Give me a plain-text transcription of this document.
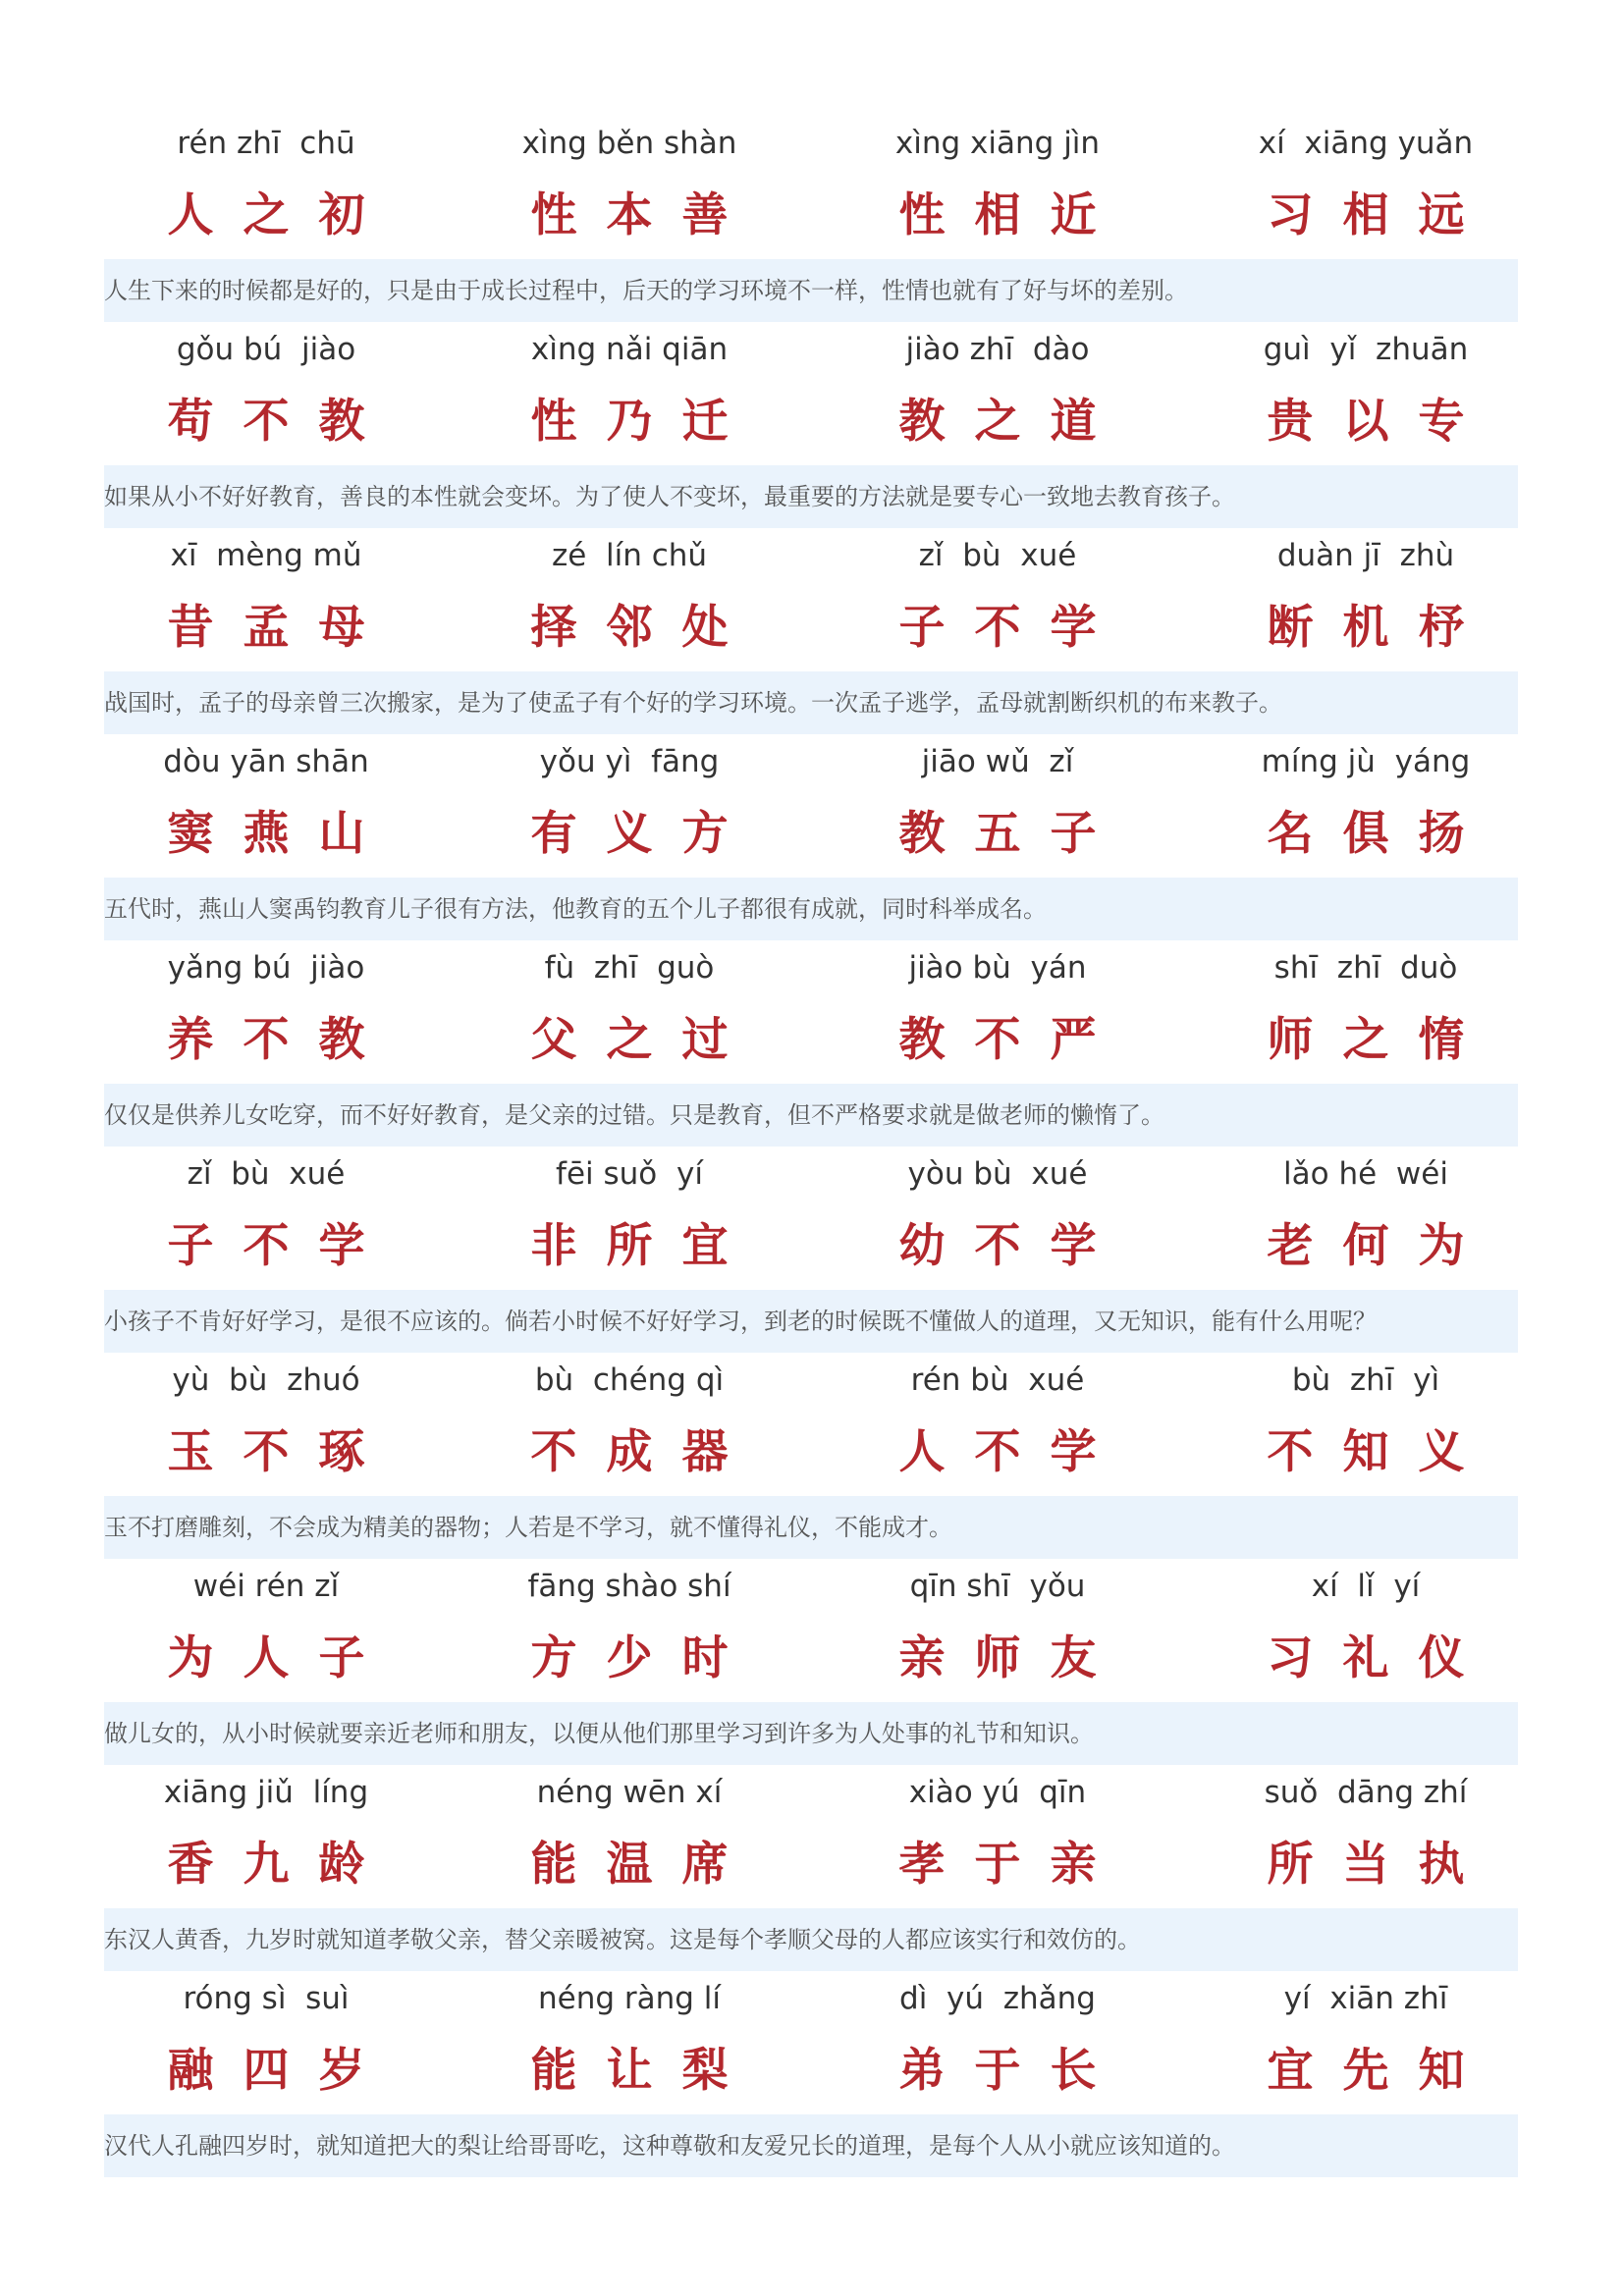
rén zhī  chū
人之初
xìng běn shàn
性本善
xìng xiāng jìn
性相近
xí  xiāng yuǎn
习相远
人生下来的时候都是好的，只是由于成长过程中，后天的学习环境不一样，性情也就有了好与坏的差别。
gǒu bú  jiào
苟不教
xìng nǎi qiān
性乃迁
jiào zhī  dào
教之道
guì  yǐ  zhuān
贵以专
如果从小不好好教育，善良的本性就会变坏。为了使人不变坏，最重要的方法就是要专心一致地去教育孩子。
xī  mèng mǔ
昔孟母
zé  lín chǔ
择邻处
zǐ  bù  xué
子不学
duàn jī  zhù
断机杼
战国时，孟子的母亲曾三次搬家，是为了使孟子有个好的学习环境。一次孟子逃学，孟母就割断织机的布来教子。
dòu yān shān
窦燕山
yǒu yì  fāng
有义方
jiāo wǔ  zǐ
教五子
míng jù  yáng
名俱扬
五代时，燕山人窦禹钧教育儿子很有方法，他教育的五个儿子都很有成就，同时科举成名。
yǎng bú  jiào
养不教
fù  zhī  guò
父之过
jiào bù  yán
教不严
shī  zhī  duò
师之惰
仅仅是供养儿女吃穿，而不好好教育，是父亲的过错。只是教育，但不严格要求就是做老师的懒惰了。
zǐ  bù  xué
子不学
fēi suǒ  yí
非所宜
yòu bù  xué
幼不学
lǎo hé  wéi
老何为
小孩子不肯好好学习，是很不应该的。倘若小时候不好好学习，到老的时候既不懂做人的道理，又无知识，能有什么用呢？
yù  bù  zhuó
玉不琢
bù  chéng qì
不成器
rén bù  xué
人不学
bù  zhī  yì
不知义
玉不打磨雕刻，不会成为精美的器物；人若是不学习，就不懂得礼仪，不能成才。
wéi rén zǐ
为人子
fāng shào shí
方少时
qīn shī  yǒu
亲师友
xí  lǐ  yí
习礼仪
做儿女的，从小时候就要亲近老师和朋友，以便从他们那里学习到许多为人处事的礼节和知识。
xiāng jiǔ  líng
香九龄
néng wēn xí
能温席
xiào yú  qīn
孝于亲
suǒ  dāng zhí
所当执
东汉人黄香，九岁时就知道孝敬父亲，替父亲暖被窝。这是每个孝顺父母的人都应该实行和效仿的。
róng sì  suì
融四岁
néng ràng lí
能让梨
dì  yú  zhǎng
弟于长
yí  xiān zhī
宜先知
汉代人孔融四岁时，就知道把大的梨让给哥哥吃，这种尊敬和友爱兄长的道理，是每个人从小就应该知道的。
